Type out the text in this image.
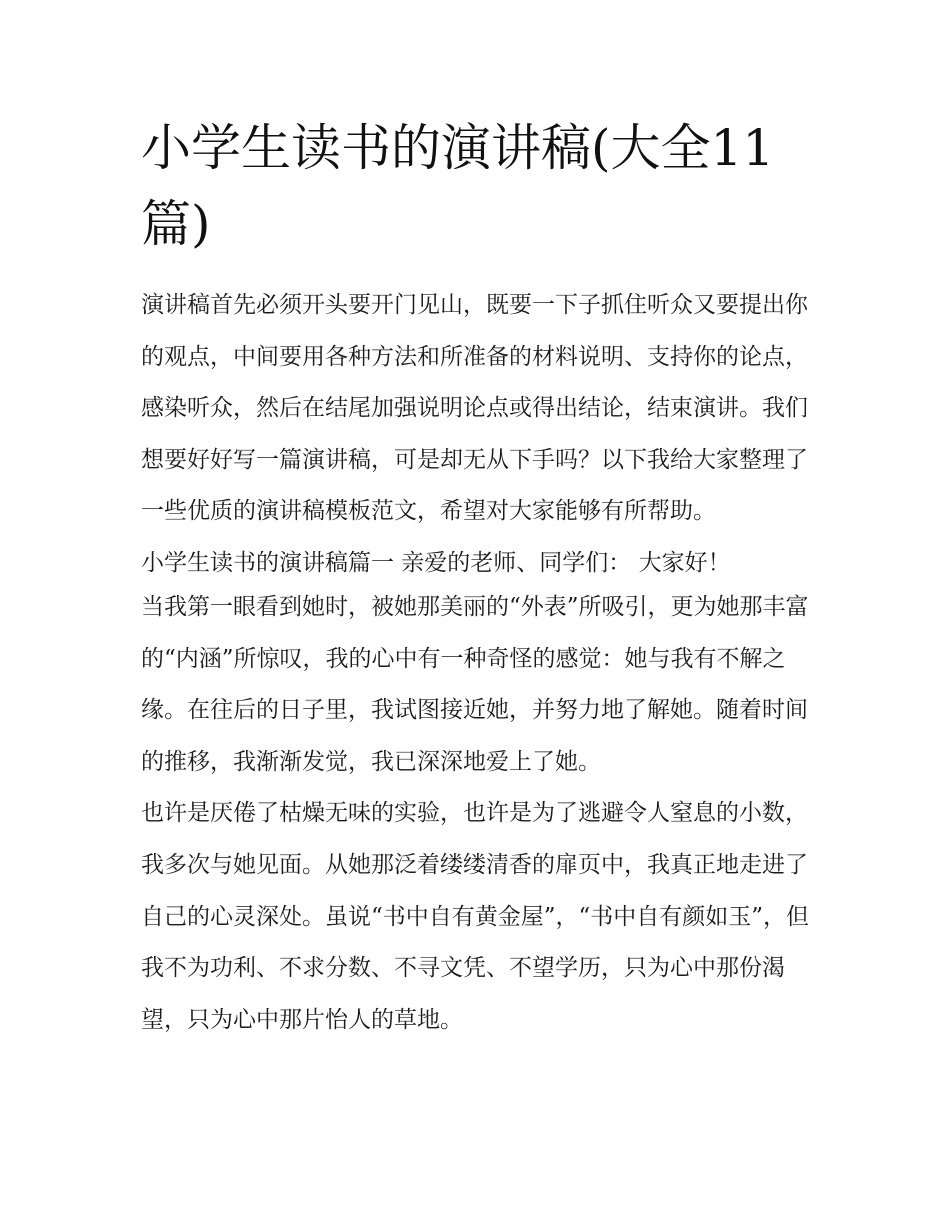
小学生读书的演讲稿(大全11篇)

演讲稿首先必须开头要开门见山，既要一下子抓住听众又要提出你的观点，中间要用各种方法和所准备的材料说明、支持你的论点，感染听众，然后在结尾加强说明论点或得出结论，结束演讲。我们想要好好写一篇演讲稿，可是却无从下手吗？以下我给大家整理了一些优质的演讲稿模板范文，希望对大家能够有所帮助。

小学生读书的演讲稿篇一 亲爱的老师、同学们： 大家好！

当我第一眼看到她时，被她那美丽的“外表”所吸引，更为她那丰富的“内涵”所惊叹，我的心中有一种奇怪的感觉：她与我有不解之缘。在往后的日子里，我试图接近她，并努力地了解她。随着时间的推移，我渐渐发觉，我已深深地爱上了她。

也许是厌倦了枯燥无味的实验，也许是为了逃避令人窒息的小数，我多次与她见面。从她那泛着缕缕清香的扉页中，我真正地走进了自己的心灵深处。虽说“书中自有黄金屋”，“书中自有颜如玉”，但我不为功利、不求分数、不寻文凭、不望学历，只为心中那份渴望，只为心中那片怡人的草地。
